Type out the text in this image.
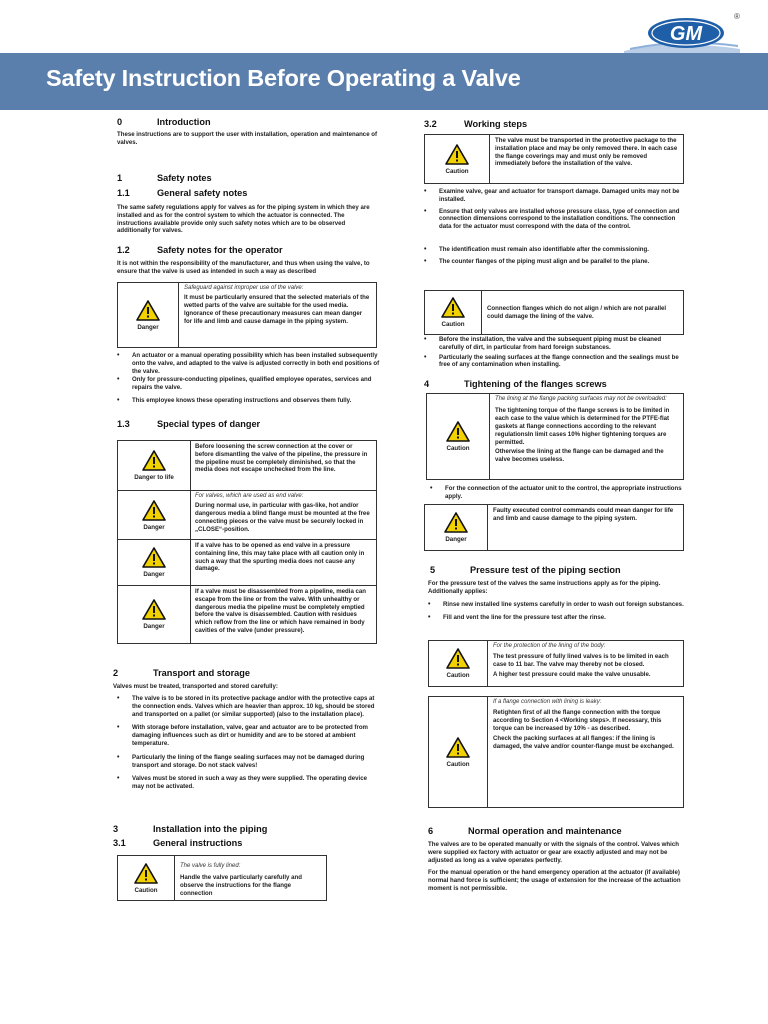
GM
®
Safety Instruction Before Operating a Valve
0	Introduction
These instructions are to support the user with installation, operation and maintenance of valves.
1	Safety notes
1.1	General safety notes
The same safety regulations apply for valves as for the piping system in which they are installed and as for the control system to which the actuator is connected. The instructions available provide only such safety notes which are to be observed additionally for valves.
1.2	Safety notes for the operator
It is not within the responsibility of the manufacturer, and thus when using the valve, to ensure that the valve is used as intended in such a way as described
Danger
Safeguard against improper use of the valve:
It must be particularly ensured that the selected materials of the wetted parts of the valve are suitable for the used media. Ignorance of these precautionary measures can mean danger for life and limb and cause damage in the piping system.
• An actuator or a manual operating possibility which has been installed subsequently onto the valve, and adapted to the valve is adjusted correctly in both end positions of the valve.
• Only for pressure-conducting pipelines, qualified employee operates, services and repairs the valve.
• This employee knows these operating instructions and observes them fully.
1.3	Special types of danger
Danger to life
Before loosening the screw connection at the cover or before dismantling the valve of the pipeline, the pressure in the pipeline must be completely diminished, so that the media does not escape unchecked from the line.
Danger
For valves, which are used as end valve:
During normal use, in particular with gas-like, hot and/or dangerous media a blind flange must be mounted at the free connecting pieces or the valve must be securely locked in „CLOSE“-position.
Danger
If a valve has to be opened as end valve in a pressure containing line, this may take place with all caution only in such a way that the spurting media does not cause any damage.
Danger
If a valve must be disassembled from a pipeline, media can escape from the line or from the valve. With unhealthy or dangerous media the pipeline must be completely emptied before the valve is disassembled. Caution with residues which reflow from the line or which have remained in body cavities of the valve (under pressure).
2	Transport and storage
Valves must be treated, transported and stored carefully:
• The valve is to be stored in its protective package and/or with the protective caps at the connection ends. Valves which are heavier than approx. 10 kg, should be stored and transported on a pallet (or similar supported) (also to the installation place).
• With storage before installation, valve, gear and actuator are to be protected from damaging influences such as dirt or humidity and are to be stored at ambient temperature.
• Particularly the lining of the flange sealing surfaces may not be damaged during transport and storage. Do not stack valves!
• Valves must be stored in such a way as they were supplied. The operating device may not be activated.
3	Installation into the piping
3.1	General instructions
Caution
The valve is fully lined:
Handle the valve particularly carefully and observe the instructions for the flange connection
3.2	Working steps
Caution
The valve must be transported in the protective package to the installation place and may be only removed there. In each case the flange coverings may and must only be removed immediately before the installation of the valve.
• Examine valve, gear and actuator for transport damage. Damaged units may not be installed.
• Ensure that only valves are installed whose pressure class, type of connection and connection dimensions correspond to the installation conditions. The connection data for the actuator must correspond with the data of the control.
• The identification must remain also identifiable after the commissioning.
• The counter flanges of the piping must align and be parallel to the plane.
Caution
Connection flanges which do not align / which are not parallel could damage the lining of the valve.
• Before the installation, the valve and the subsequent piping must be cleaned carefully of dirt, in particular from hard foreign substances.
• Particularly the sealing surfaces at the flange connection and the sealings must be free of any contamination when installing.
4	Tightening of the flanges screws
Caution
The lining at the flange packing surfaces may not be overloaded:
The tightening torque of the flange screws is to be limited in each case to the value which is determined for the PTFE-flat gaskets at flange connections according to the relevant regulationsIn limit cases 10% higher tightening torques are permitted.
Otherwise the lining at the flange can be damaged and the valve becomes useless.
• For the connection of the actuator unit to the control, the appropriate instructions apply.
Danger
Faulty executed control commands could mean danger for life and limb and cause damage to the piping system.
5	Pressure test of the piping section
For the pressure test of the valves the same instructions apply as for the piping. Additionally applies:
• Rinse new installed line systems carefully in order to wash out foreign substances.
• Fill and vent the line for the pressure test after the rinse.
Caution
For the protection of the lining of the body:
The test pressure of fully lined valves is to be limited in each case to 11 bar. The valve may thereby not be closed.
A higher test pressure could make the valve unusable.
Caution
If a flange connection with lining is leaky:
Retighten first of all the flange connection with the torque according to Section 4 <Working steps>. If necessary, this torque can be increased by 10% - as described.
Check the packing surfaces at all flanges: if the lining is damaged, the valve and/or counter-flange must be exchanged.
6	Normal operation and maintenance
The valves are to be operated manually or with the signals of the control. Valves which were supplied ex factory with actuator or gear are exactly adjusted and may not be adjusted as long as a valve operates perfectly.
For the manual operation or the hand emergency operation at the actuator (if available) normal hand force is sufficient; the usage of extension for the increase of the actuation moment is not permissible.
